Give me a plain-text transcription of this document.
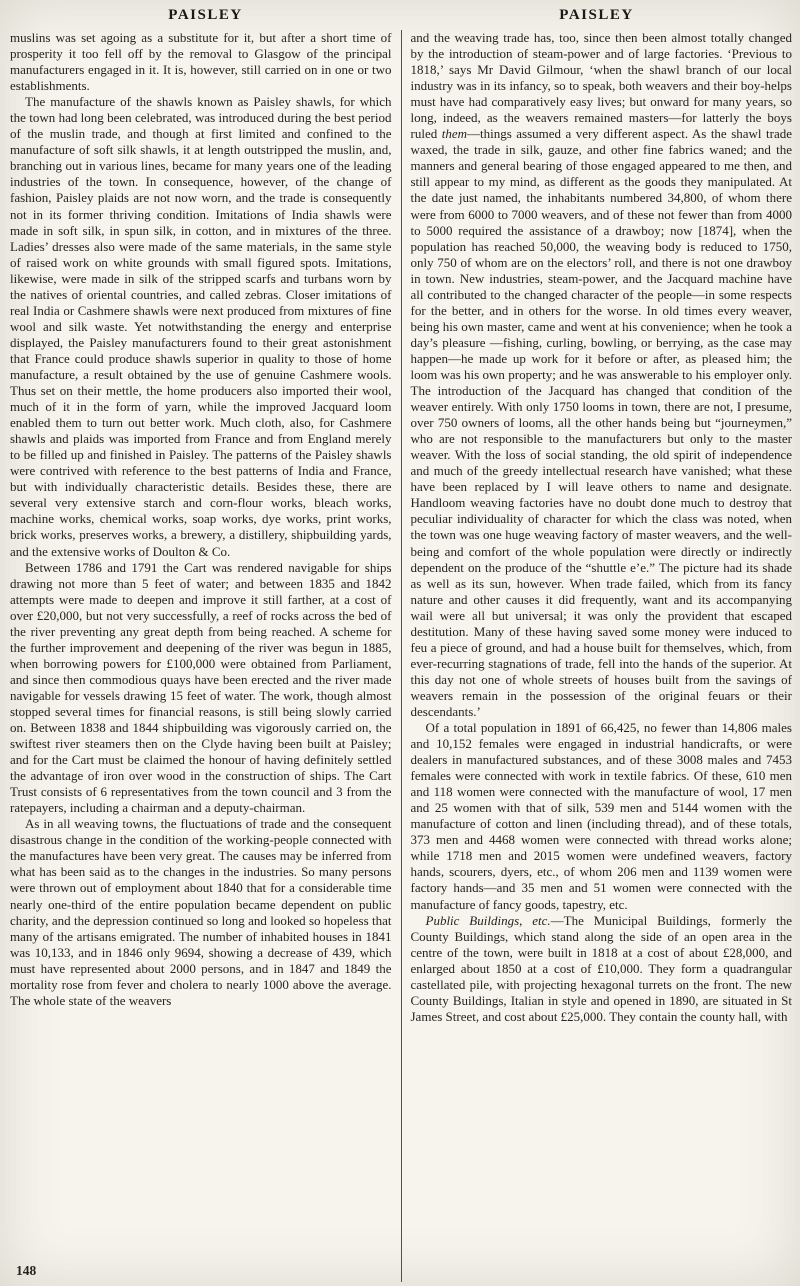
PAISLEY	PAISLEY

muslins was set agoing as a substitute for it, but after a short time of prosperity it too fell off by the removal to Glasgow of the principal manufacturers engaged in it. It is, however, still carried on in one or two establishments.

The manufacture of the shawls known as Paisley shawls, for which the town had long been celebrated, was introduced during the best period of the muslin trade, and though at first limited and confined to the manufacture of soft silk shawls, it at length outstripped the muslin, and, branching out in various lines, became for many years one of the leading industries of the town. In consequence, however, of the change of fashion, Paisley plaids are not now worn, and the trade is consequently not in its former thriving condition. Imitations of India shawls were made in soft silk, in spun silk, in cotton, and in mixtures of the three. Ladies’ dresses also were made of the same materials, in the same style of raised work on white grounds with small figured spots. Imitations, likewise, were made in silk of the stripped scarfs and turbans worn by the natives of oriental countries, and called zebras. Closer imitations of real India or Cashmere shawls were next produced from mixtures of fine wool and silk waste. Yet notwithstanding the energy and enterprise displayed, the Paisley manufacturers found to their great astonishment that France could produce shawls superior in quality to those of home manufacture, a result obtained by the use of genuine Cashmere wools. Thus set on their mettle, the home producers also imported their wool, much of it in the form of yarn, while the improved Jacquard loom enabled them to turn out better work. Much cloth, also, for Cashmere shawls and plaids was imported from France and from England merely to be filled up and finished in Paisley. The patterns of the Paisley shawls were contrived with reference to the best patterns of India and France, but with individually characteristic details. Besides these, there are several very extensive starch and corn-flour works, bleach works, machine works, chemical works, soap works, dye works, print works, brick works, preserves works, a brewery, a distillery, shipbuilding yards, and the extensive works of Doulton & Co.

Between 1786 and 1791 the Cart was rendered navigable for ships drawing not more than 5 feet of water; and between 1835 and 1842 attempts were made to deepen and improve it still farther, at a cost of over £20,000, but not very successfully, a reef of rocks across the bed of the river preventing any great depth from being reached. A scheme for the further improvement and deepening of the river was begun in 1885, when borrowing powers for £100,000 were obtained from Parliament, and since then commodious quays have been erected and the river made navigable for vessels drawing 15 feet of water. The work, though almost stopped several times for financial reasons, is still being slowly carried on. Between 1838 and 1844 shipbuilding was vigorously carried on, the swiftest river steamers then on the Clyde having been built at Paisley; and for the Cart must be claimed the honour of having definitely settled the advantage of iron over wood in the construction of ships. The Cart Trust consists of 6 representatives from the town council and 3 from the ratepayers, including a chairman and a deputy-chairman.

As in all weaving towns, the fluctuations of trade and the consequent disastrous change in the condition of the working-people connected with the manufactures have been very great. The causes may be inferred from what has been said as to the changes in the industries. So many persons were thrown out of employment about 1840 that for a considerable time nearly one-third of the entire population became dependent on public charity, and the depression continued so long and looked so hopeless that many of the artisans emigrated. The number of inhabited houses in 1841 was 10,133, and in 1846 only 9694, showing a decrease of 439, which must have represented about 2000 persons, and in 1847 and 1849 the mortality rose from fever and cholera to nearly 1000 above the average. The whole state of the weavers

and the weaving trade has, too, since then been almost totally changed by the introduction of steam-power and of large factories. ‘Previous to 1818,’ says Mr David Gilmour, ‘when the shawl branch of our local industry was in its infancy, so to speak, both weavers and their boy-helps must have had comparatively easy lives; but onward for many years, so long, indeed, as the weavers remained masters—for latterly the boys ruled them—things assumed a very different aspect. As the shawl trade waxed, the trade in silk, gauze, and other fine fabrics waned; and the manners and general bearing of those engaged appeared to me then, and still appear to my mind, as different as the goods they manipulated. At the date just named, the inhabitants numbered 34,800, of whom there were from 6000 to 7000 weavers, and of these not fewer than from 4000 to 5000 required the assistance of a drawboy; now [1874], when the population has reached 50,000, the weaving body is reduced to 1750, only 750 of whom are on the electors’ roll, and there is not one drawboy in town. New industries, steam-power, and the Jacquard machine have all contributed to the changed character of the people—in some respects for the better, and in others for the worse. In old times every weaver, being his own master, came and went at his convenience; when he took a day’s pleasure —fishing, curling, bowling, or berrying, as the case may happen—he made up work for it before or after, as pleased him; the loom was his own property; and he was answerable to his employer only. The introduction of the Jacquard has changed that condition of the weaver entirely. With only 1750 looms in town, there are not, I presume, over 750 owners of looms, all the other hands being but “journeymen,” who are not responsible to the manufacturers but only to the master weaver. With the loss of social standing, the old spirit of independence and much of the greedy intellectual research have vanished; what these have been replaced by I will leave others to name and designate. Handloom weaving factories have no doubt done much to destroy that peculiar individuality of character for which the class was noted, when the town was one huge weaving factory of master weavers, and the well-being and comfort of the whole population were directly or indirectly dependent on the produce of the “shuttle e’e.” The picture had its shade as well as its sun, however. When trade failed, which from its fancy nature and other causes it did frequently, want and its accompanying wail were all but universal; it was only the provident that escaped destitution. Many of these having saved some money were induced to feu a piece of ground, and had a house built for themselves, which, from ever-recurring stagnations of trade, fell into the hands of the superior. At this day not one of whole streets of houses built from the savings of weavers remain in the possession of the original feuars or their descendants.’

Of a total population in 1891 of 66,425, no fewer than 14,806 males and 10,152 females were engaged in industrial handicrafts, or were dealers in manufactured substances, and of these 3008 males and 7453 females were connected with work in textile fabrics. Of these, 610 men and 118 women were connected with the manufacture of wool, 17 men and 25 women with that of silk, 539 men and 5144 women with the manufacture of cotton and linen (including thread), and of these totals, 373 men and 4468 women were connected with thread works alone; while 1718 men and 2015 women were undefined weavers, factory hands, scourers, dyers, etc., of whom 206 men and 1139 women were factory hands—and 35 men and 51 women were connected with the manufacture of fancy goods, tapestry, etc.

Public Buildings, etc.—The Municipal Buildings, formerly the County Buildings, which stand along the side of an open area in the centre of the town, were built in 1818 at a cost of about £28,000, and enlarged about 1850 at a cost of £10,000. They form a quadrangular castellated pile, with projecting hexagonal turrets on the front. The new County Buildings, Italian in style and opened in 1890, are situated in St James Street, and cost about £25,000. They contain the county hall, with

148
